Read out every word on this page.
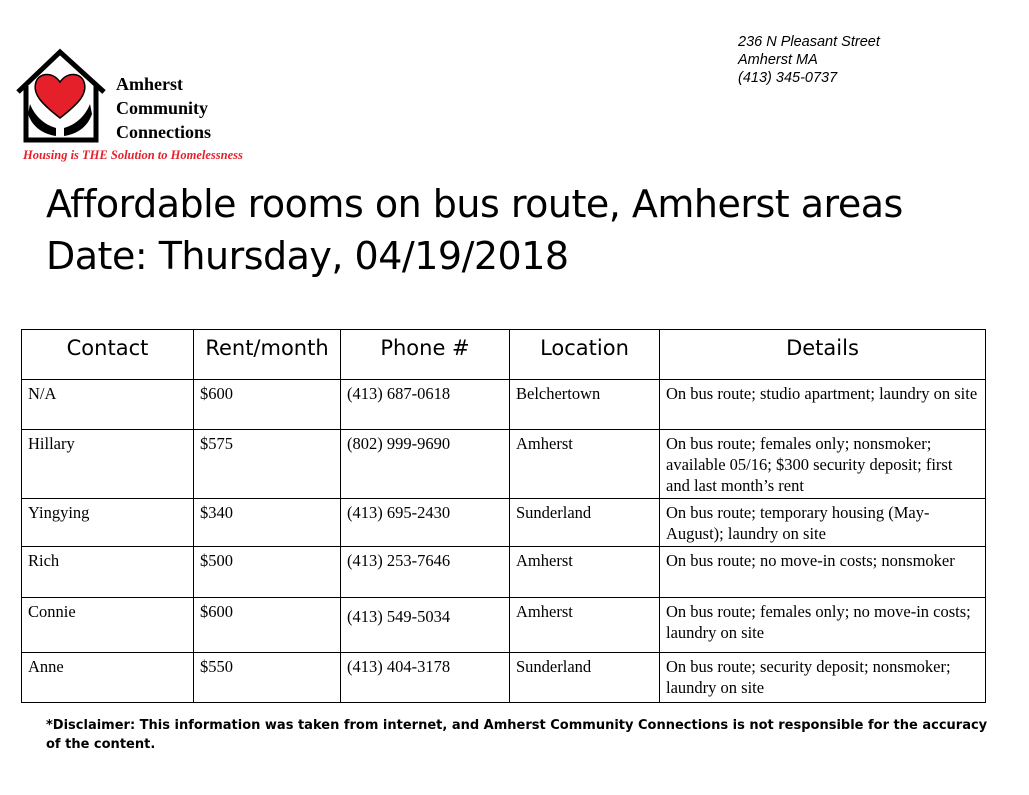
Amherst
Community
Connections
Housing is THE Solution to Homelessness
236 N Pleasant Street
Amherst MA
(413) 345-0737
Affordable rooms on bus route, Amherst areas
Date: Thursday, 04/19/2018
Contact	Rent/month	Phone #	Location	Details
N/A	$600	(413) 687-0618	Belchertown	On bus route; studio apartment; laundry on site
Hillary	$575	(802) 999-9690	Amherst	On bus route; females only; nonsmoker; available 05/16; $300 security deposit; first and last month’s rent
Yingying	$340	(413) 695-2430	Sunderland	On bus route; temporary housing (May-August); laundry on site
Rich	$500	(413) 253-7646	Amherst	On bus route; no move-in costs; nonsmoker
Connie	$600	(413) 549-5034	Amherst	On bus route; females only; no move-in costs; laundry on site
Anne	$550	(413) 404-3178	Sunderland	On bus route; security deposit; nonsmoker; laundry on site
*Disclaimer: This information was taken from internet, and Amherst Community Connections is not responsible for the accuracy of the content.
